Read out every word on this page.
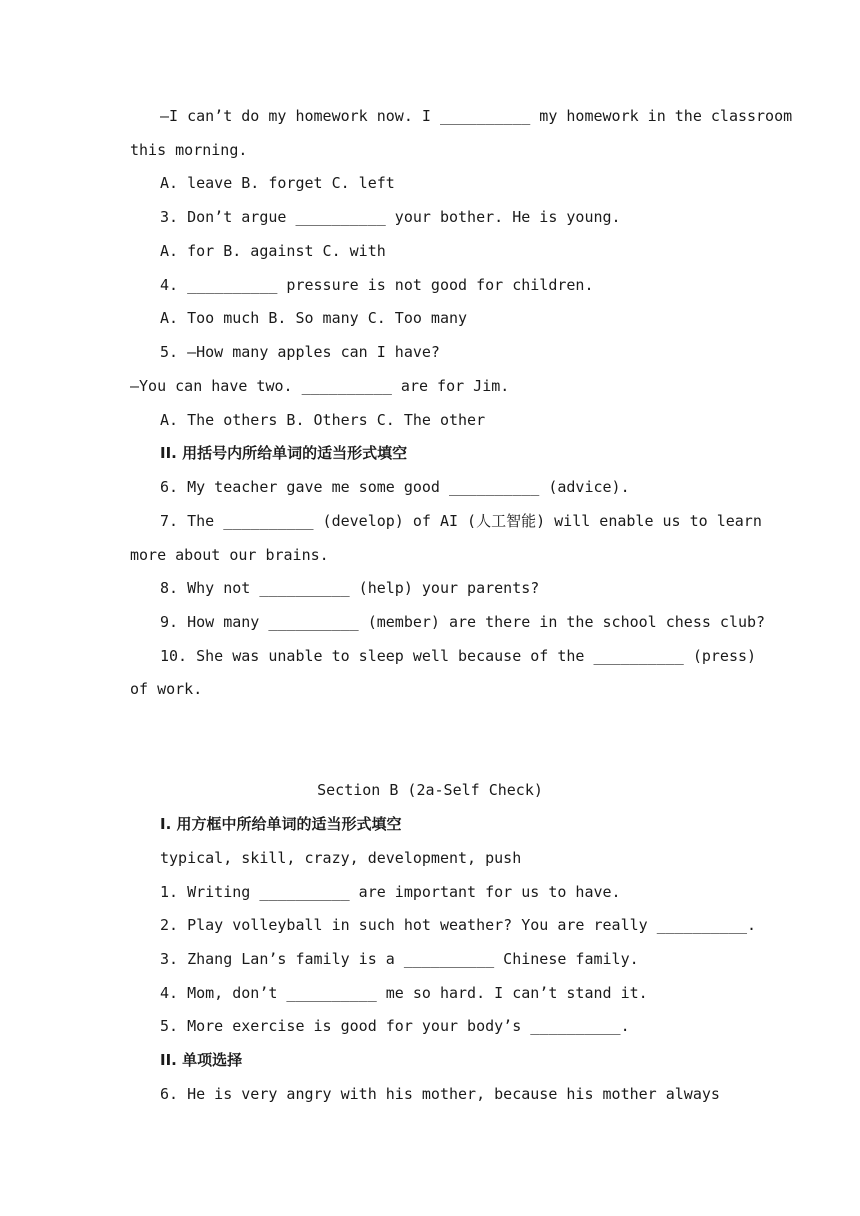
—I can’t do my homework now. I __________ my homework in the classroom
this morning.
A. leave B. forget C. left
3. Don’t argue __________ your bother. He is young.
A. for B. against C. with
4. __________ pressure is not good for children.
A. Too much B. So many C. Too many
5. —How many apples can I have?
—You can have two. __________ are for Jim.
A. The others B. Others C. The other
II. 用括号内所给单词的适当形式填空
6. My teacher gave me some good __________ (advice).
7. The __________ (develop) of AI (人工智能) will enable us to learn
more about our brains.
8. Why not __________ (help) your parents?
9. How many __________ (member) are there in the school chess club?
10. She was unable to sleep well because of the __________ (press)
of work.
Section B (2a-Self Check)
I. 用方框中所给单词的适当形式填空
typical, skill, crazy, development, push
1. Writing __________ are important for us to have.
2. Play volleyball in such hot weather? You are really __________.
3. Zhang Lan’s family is a __________ Chinese family.
4. Mom, don’t __________ me so hard. I can’t stand it.
5. More exercise is good for your body’s __________.
II. 单项选择
6. He is very angry with his mother, because his mother always
